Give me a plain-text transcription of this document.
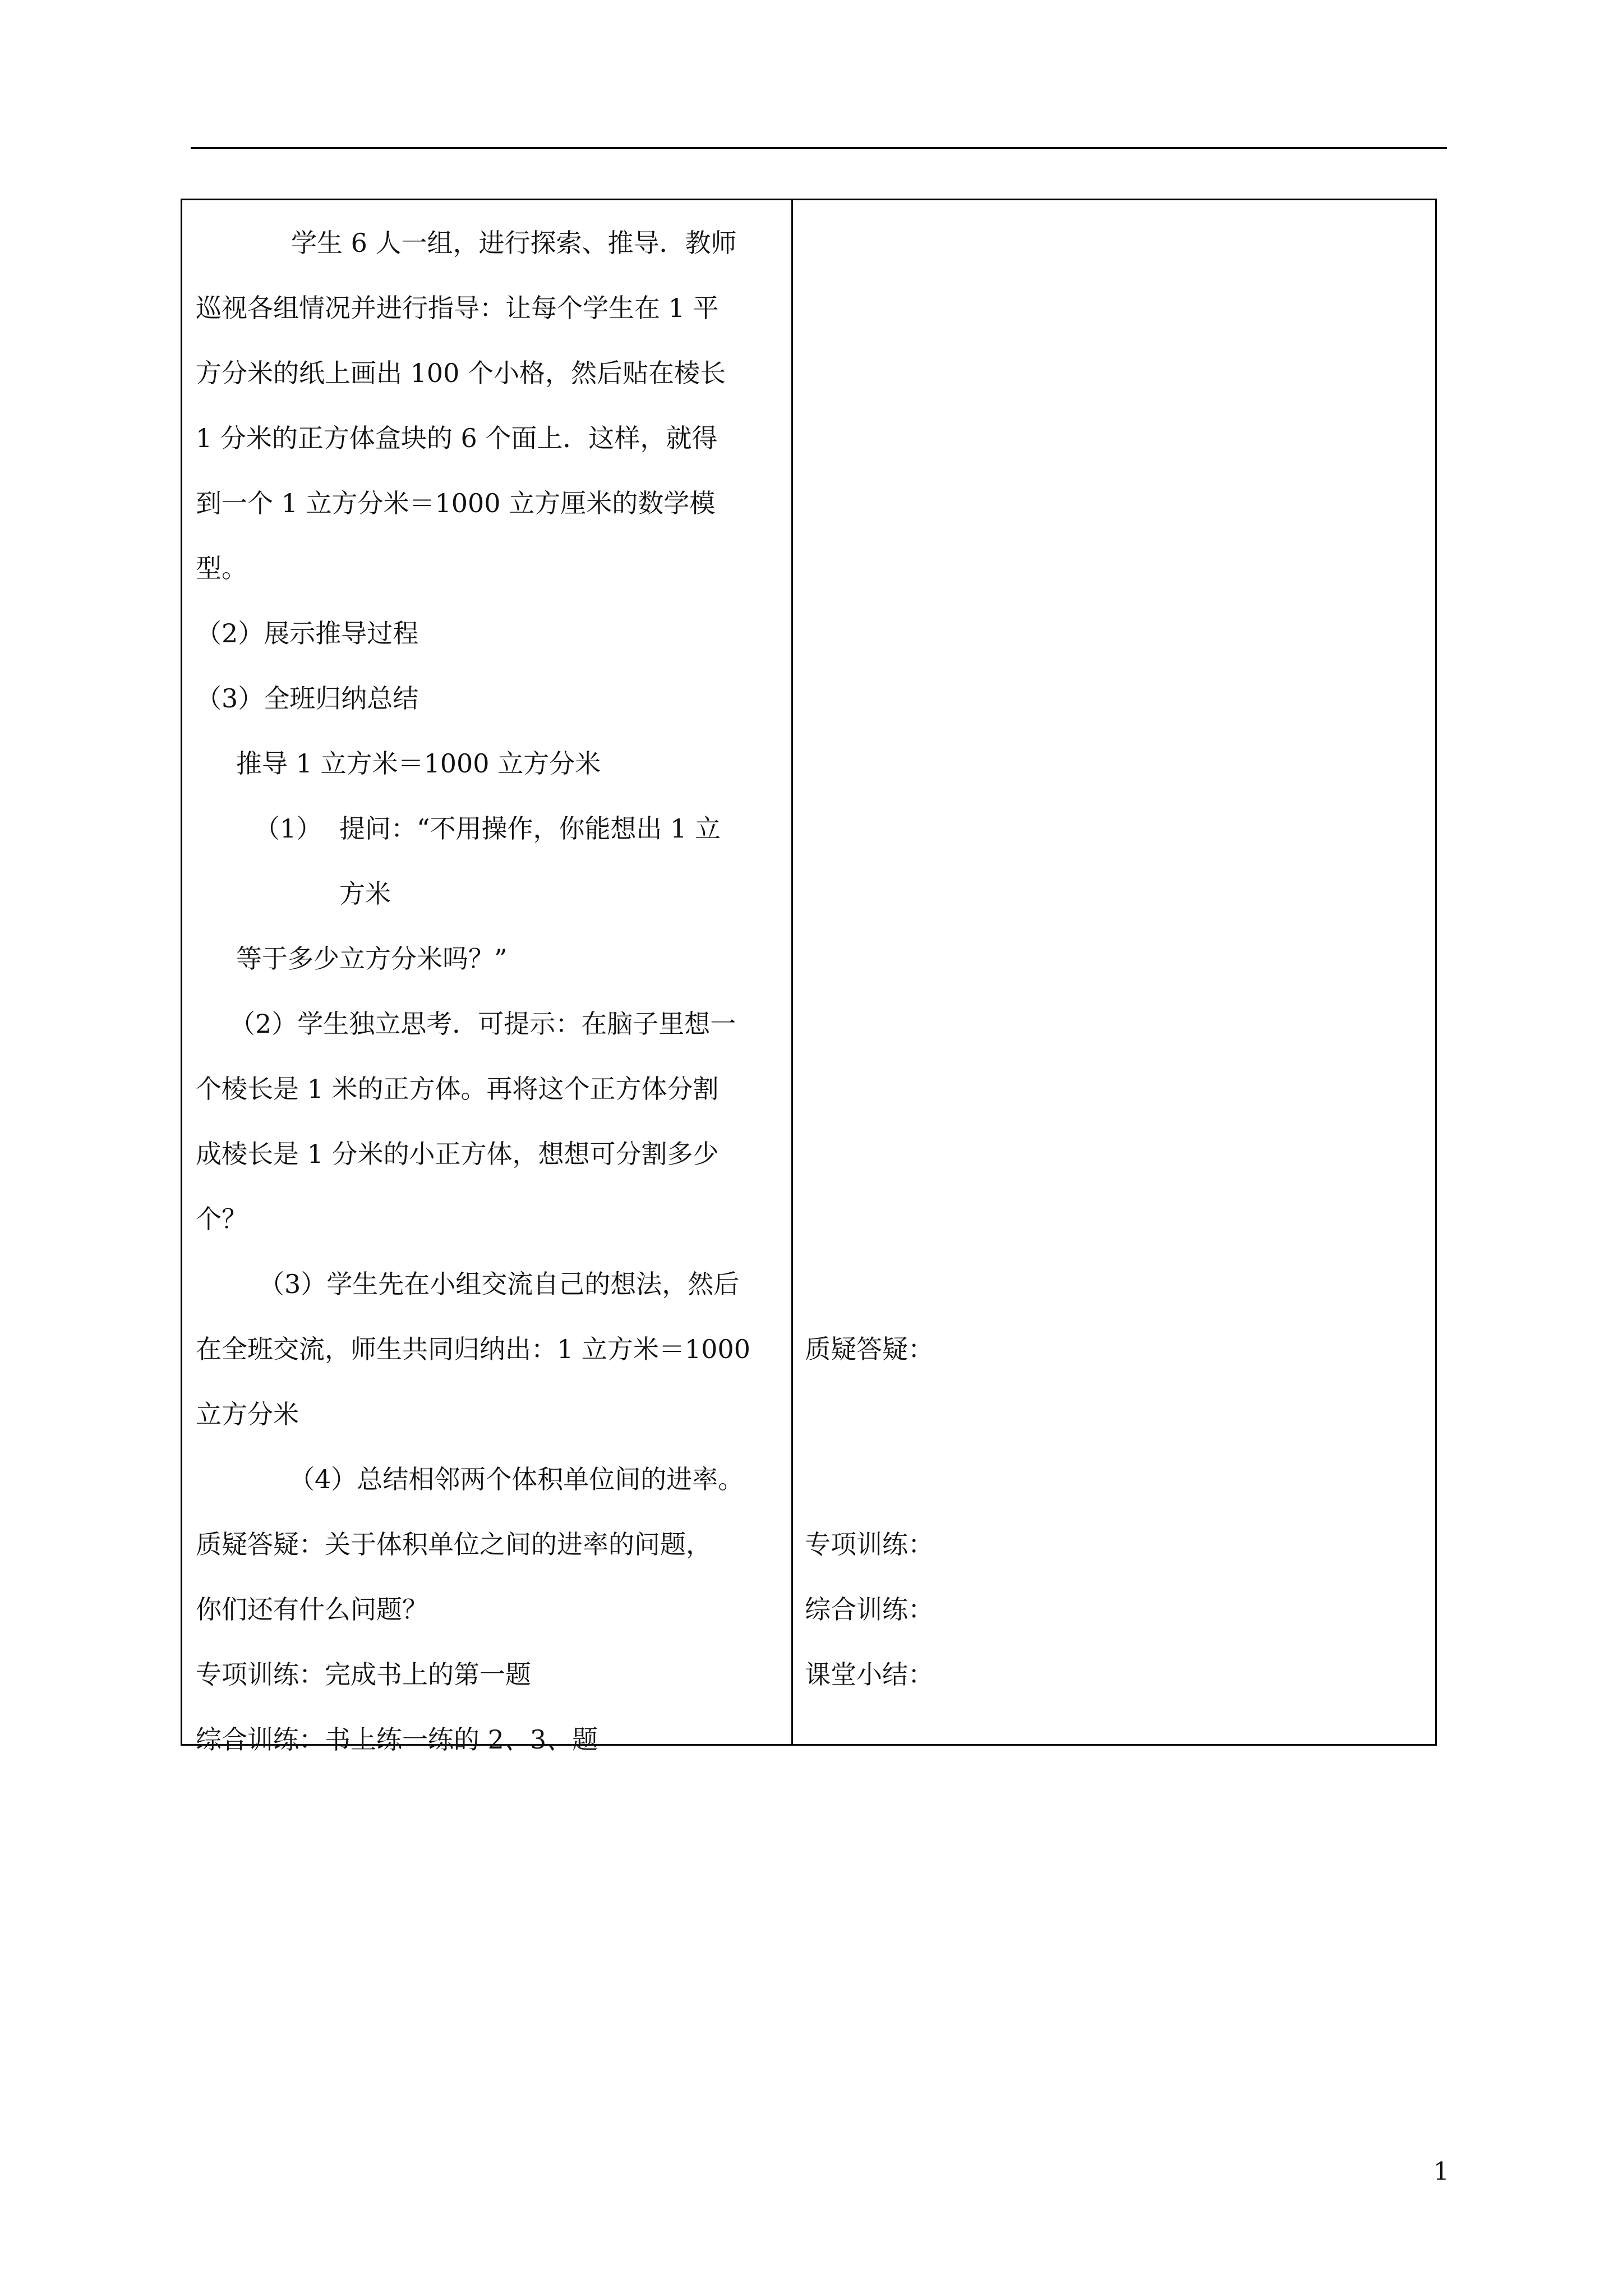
学生 6 人一组，进行探索、推导．教师
巡视各组情况并进行指导：让每个学生在 1 平
方分米的纸上画出 100 个小格，然后贴在棱长
1 分米的正方体盒块的 6 个面上．这样，就得
到一个 1 立方分米＝1000 立方厘米的数学模
型。
（2）展示推导过程
（3）全班归纳总结
推导 1 立方米＝1000 立方分米
（1） 提问：“不用操作，你能想出 1 立
方米
等于多少立方分米吗？”
（2）学生独立思考．可提示：在脑子里想一
个棱长是 1 米的正方体。再将这个正方体分割
成棱长是 1 分米的小正方体，想想可分割多少
个？
（3）学生先在小组交流自己的想法，然后
在全班交流，师生共同归纳出：1 立方米＝1000
立方分米
（4）总结相邻两个体积单位间的进率。
质疑答疑：关于体积单位之间的进率的问题，
你们还有什么问题？
专项训练：完成书上的第一题
综合训练：书上练一练的 2、3、题
质疑答疑：
专项训练：
综合训练：
课堂小结：
1
